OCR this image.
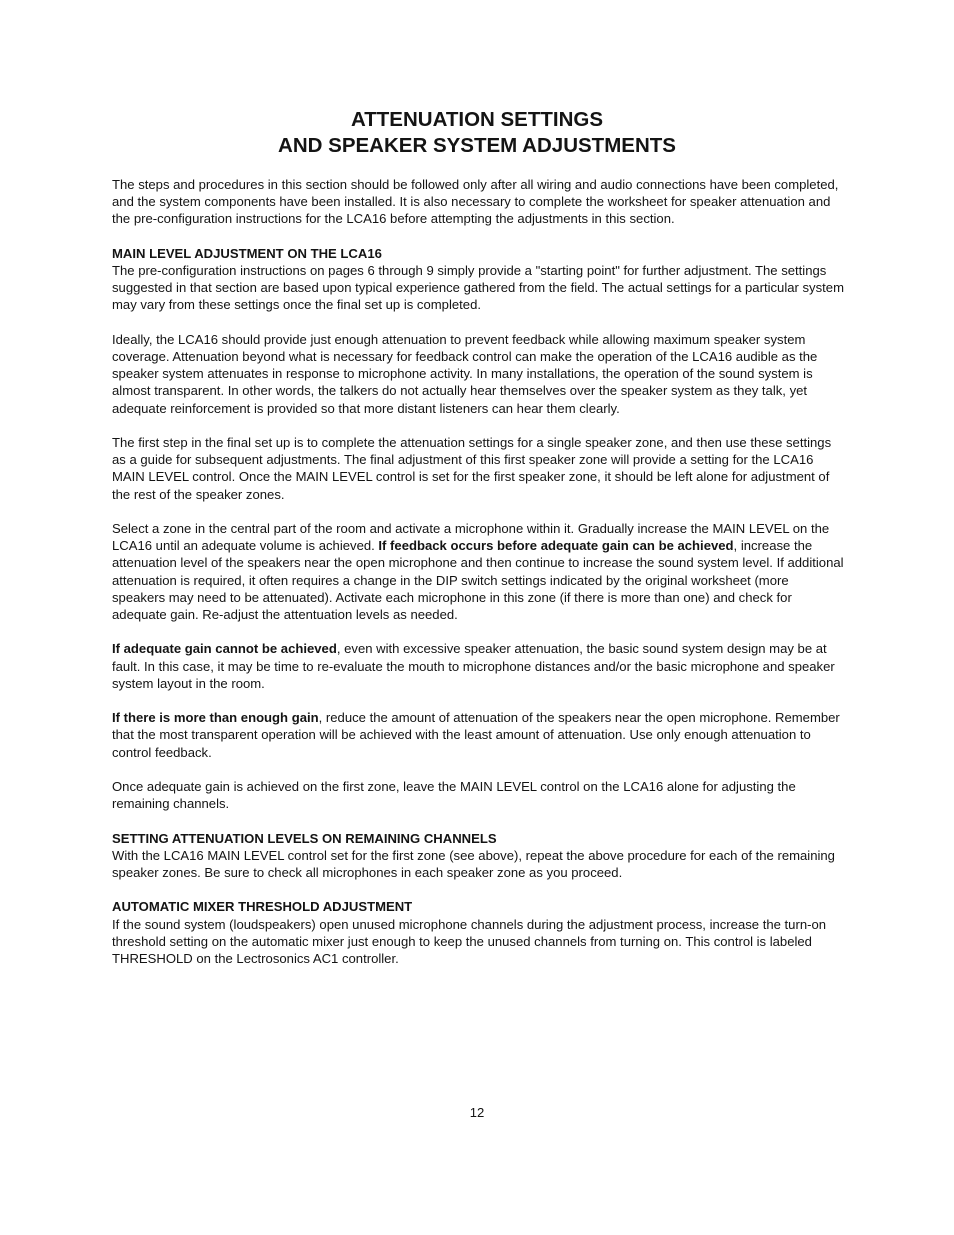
ATTENUATION SETTINGS
AND SPEAKER SYSTEM ADJUSTMENTS

The steps and procedures in this section should be followed only after all wiring and audio connections have been completed, and the system components have been installed. It is also necessary to complete the worksheet for speaker attenuation and the pre-configuration instructions for the LCA16 before attempting the adjustments in this section.

MAIN LEVEL ADJUSTMENT ON THE LCA16

The pre-configuration instructions on pages 6 through 9 simply provide a "starting point" for further adjustment. The settings suggested in that section are based upon typical experience gathered from the field. The actual settings for a particular system may vary from these settings once the final set up is completed.

Ideally, the LCA16 should provide just enough attenuation to prevent feedback while allowing maximum speaker system coverage. Attenuation beyond what is necessary for feedback control can make the operation of the LCA16 audible as the speaker system attenuates in response to microphone activity. In many installations, the operation of the sound system is almost transparent. In other words, the talkers do not actually hear themselves over the speaker system as they talk, yet adequate reinforcement is provided so that more distant listeners can hear them clearly.

The first step in the final set up is to complete the attenuation settings for a single speaker zone, and then use these settings as a guide for subsequent adjustments. The final adjustment of this first speaker zone will provide a setting for the LCA16 MAIN LEVEL control. Once the MAIN LEVEL control is set for the first speaker zone, it should be left alone for adjustment of the rest of the speaker zones.

Select a zone in the central part of the room and activate a microphone within it. Gradually increase the MAIN LEVEL on the LCA16 until an adequate volume is achieved. If feedback occurs before adequate gain can be achieved, increase the attenuation level of the speakers near the open microphone and then continue to increase the sound system level. If additional attenuation is required, it often requires a change in the DIP switch settings indicated by the original worksheet (more speakers may need to be attenuated). Activate each microphone in this zone (if there is more than one) and check for adequate gain. Re-adjust the attentuation levels as needed.

If adequate gain cannot be achieved, even with excessive speaker attenuation, the basic sound system design may be at fault. In this case, it may be time to re-evaluate the mouth to microphone distances and/or the basic microphone and speaker system layout in the room.

If there is more than enough gain, reduce the amount of attenuation of the speakers near the open microphone. Remember that the most transparent operation will be achieved with the least amount of attenuation. Use only enough attenuation to control feedback.

Once adequate gain is achieved on the first zone, leave the MAIN LEVEL control on the LCA16 alone for adjusting the remaining channels.

SETTING ATTENUATION LEVELS ON REMAINING CHANNELS

With the LCA16 MAIN LEVEL control set for the first zone (see above), repeat the above procedure for each of the remaining speaker zones. Be sure to check all microphones in each speaker zone as you proceed.

AUTOMATIC MIXER THRESHOLD ADJUSTMENT

If the sound system (loudspeakers) open unused microphone channels during the adjustment process, increase the turn-on threshold setting on the automatic mixer just enough to keep the unused channels from turning on. This control is labeled THRESHOLD on the Lectrosonics AC1 controller.

12
